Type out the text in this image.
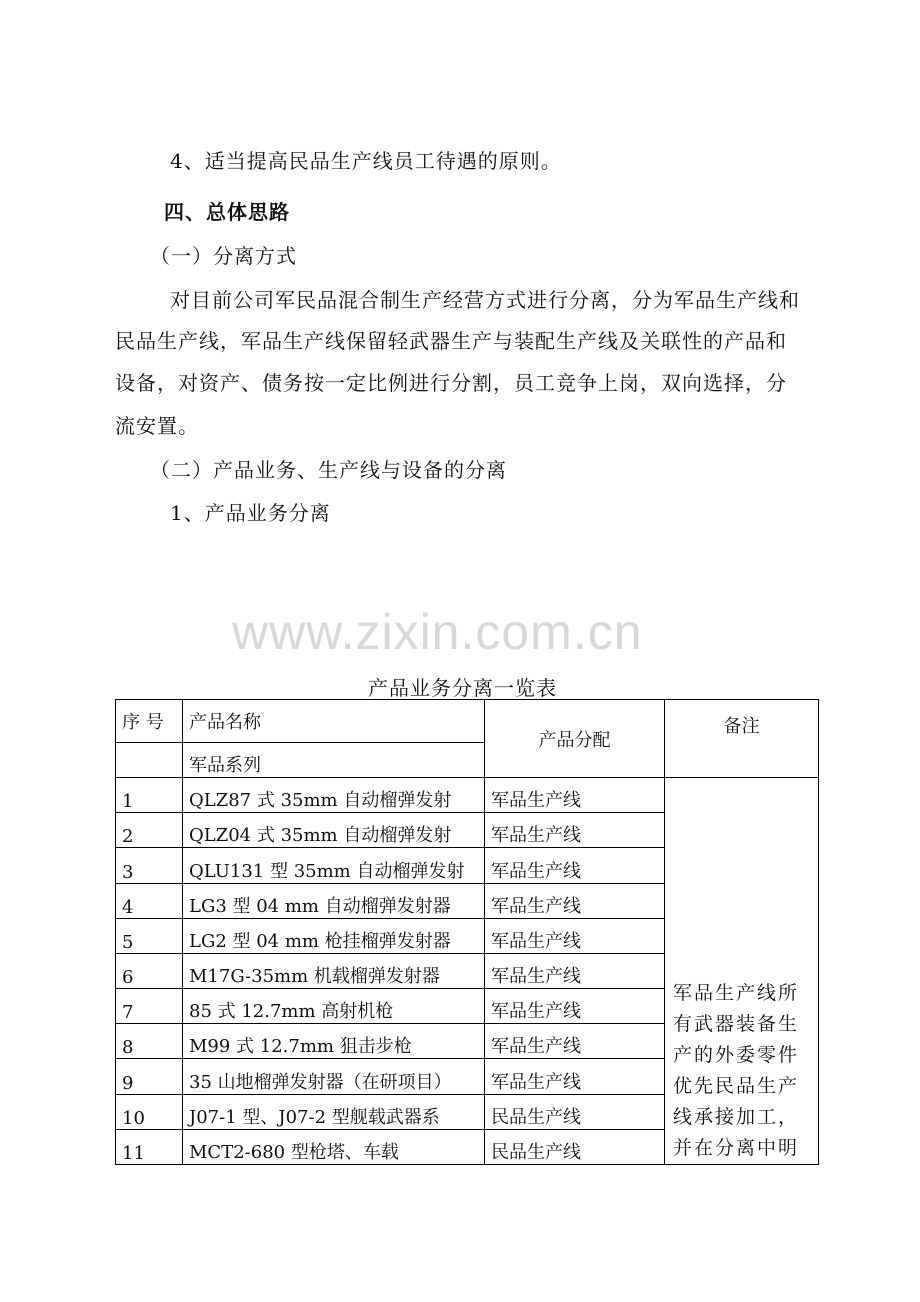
4、适当提高民品生产线员工待遇的原则。
四、总体思路
（一）分离方式
对目前公司军民品混合制生产经营方式进行分离，分为军品生产线和
民品生产线，军品生产线保留轻武器生产与装配生产线及关联性的产品和
设备，对资产、债务按一定比例进行分割，员工竞争上岗，双向选择，分
流安置。
（二）产品业务、生产线与设备的分离
1、产品业务分离
www.zixin.com.cn
产品业务分离一览表
序 号	产品名称	产品分配	备注
	军品系列		
1	QLZ87 式 35mm 自动榴弹发射	军品生产线	军品生产线所有武器装备生产的外委零件优先民品生产线承接加工，并在分离中明
2	QLZ04 式 35mm 自动榴弹发射	军品生产线	
3	QLU131 型 35mm 自动榴弹发射	军品生产线	
4	LG3 型 04 mm 自动榴弹发射器	军品生产线	
5	LG2 型 04 mm 枪挂榴弹发射器	军品生产线	
6	M17G-35mm 机载榴弹发射器	军品生产线	
7	85 式 12.7mm 高射机枪	军品生产线	
8	M99 式 12.7mm 狙击步枪	军品生产线	
9	35 山地榴弹发射器（在研项目）	军品生产线	
10	J07-1 型、J07-2 型舰载武器系	民品生产线	
11	MCT2-680 型枪塔、车载	民品生产线	
